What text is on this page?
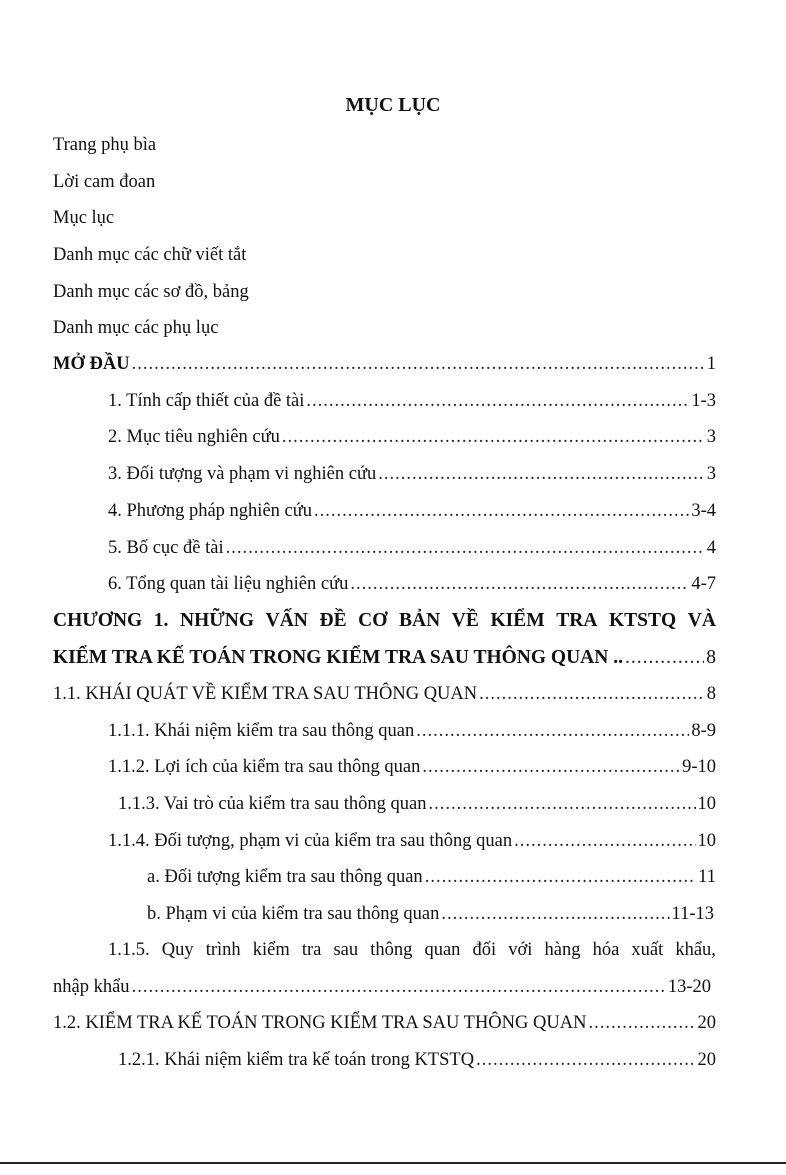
MỤC LỤC
Trang phụ bìa
Lời cam đoan
Mục lục
Danh mục các chữ viết tắt
Danh mục các sơ đồ, bảng
Danh mục các phụ lục
MỞ ĐẦU .....	1
1. Tính cấp thiết của đề tài .....	1-3
2. Mục tiêu nghiên cứu .....	3
3. Đối tượng và phạm vi nghiên cứu .....	3
4. Phương pháp nghiên cứu .....	3-4
5. Bố cục đề tài .....	4
6. Tổng quan tài liệu nghiên cứu .....	4-7
CHƯƠNG 1. NHỮNG VẤN ĐỀ CƠ BẢN VỀ KIỂM TRA KTSTQ VÀ
KIỂM TRA KẾ TOÁN TRONG KIỂM TRA SAU THÔNG QUAN .. .....	8
1.1. KHÁI QUÁT VỀ KIỂM TRA SAU THÔNG QUAN .....	8
1.1.1. Khái niệm kiểm tra sau thông quan .....	8-9
1.1.2. Lợi ích của kiểm tra sau thông quan .....	9-10
1.1.3. Vai trò của kiểm tra sau thông quan .....	10
1.1.4. Đối tượng, phạm vi của kiểm tra sau thông quan .....	10
a. Đối tượng kiểm tra sau thông quan .....	11
b. Phạm vi của kiểm tra sau thông quan .....	11-13
1.1.5. Quy trình kiểm tra sau thông quan đối với hàng hóa xuất khẩu,
nhập khẩu .....	13-20
1.2. KIỂM TRA KẾ TOÁN TRONG KIỂM TRA SAU THÔNG QUAN .....	20
1.2.1. Khái niệm kiểm tra kế toán trong KTSTQ .....	20
